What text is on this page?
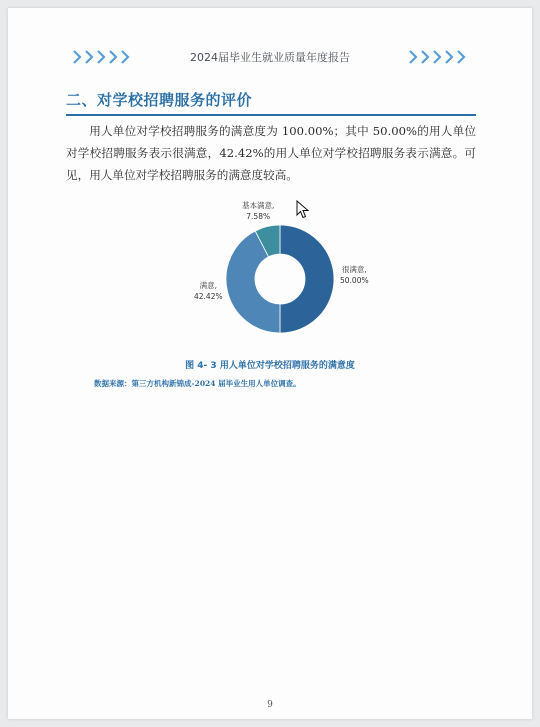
2024届毕业生就业质量年度报告
二、对学校招聘服务的评价

用人单位对学校招聘服务的满意度为 100.00%；其中 50.00%的用人单位对学校招聘服务表示很满意，42.42%的用人单位对学校招聘服务表示满意。可见，用人单位对学校招聘服务的满意度较高。

基本满意,
7.58%
很满意,
50.00%
满意,
42.42%
图 4- 3 用人单位对学校招聘服务的满意度
数据来源：第三方机构新锦成-2024 届毕业生用人单位调查。
9
